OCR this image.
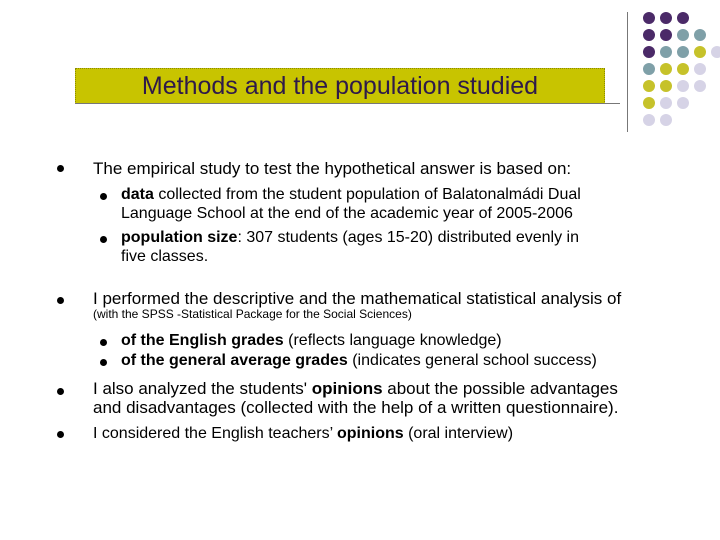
Methods and the population studied
The empirical study to test the hypothetical answer is based on:
data collected from the student population of Balatonalmádi Dual
Language School at the end of the academic year of 2005-2006
population size: 307 students (ages 15-20) distributed evenly in
five classes.
I performed the descriptive and the mathematical statistical analysis of
(with the SPSS -Statistical Package for the Social Sciences)
of the English grades (reflects language knowledge)
of the general average grades (indicates general school success)
I also analyzed the students' opinions about the possible advantages
and disadvantages (collected with the help of a written questionnaire).
I considered the English teachers’ opinions (oral interview)
